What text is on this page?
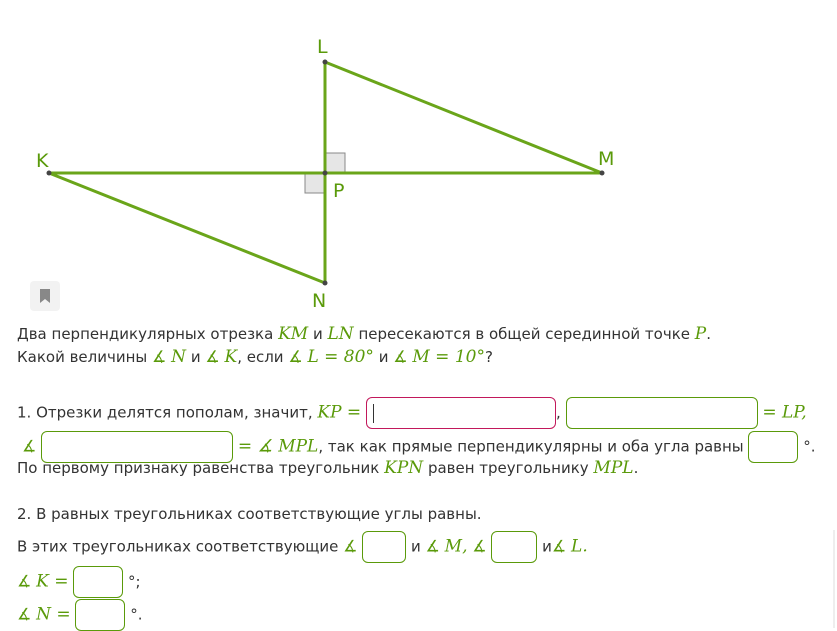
K	M
L
N
P
Два перпендикулярных отрезка KM и LN пересекаются в общей серединной точке P.
Какой величины ∡ N и ∡ K, если ∡ L = 80° и ∡ M = 10°?
1. Отрезки делятся пополам, значит, KP =	,	= LP,
∡	= ∡ MPL, так как прямые перпендикулярны и оба угла равны	°.
По первому признаку равенства треугольник KPN равен треугольнику MPL.
2. В равных треугольниках соответствующие углы равны.
В этих треугольниках соответствующие ∡	и ∡ M, ∡	и∡ L.
∡ K =	°;
∡ N =	°.
